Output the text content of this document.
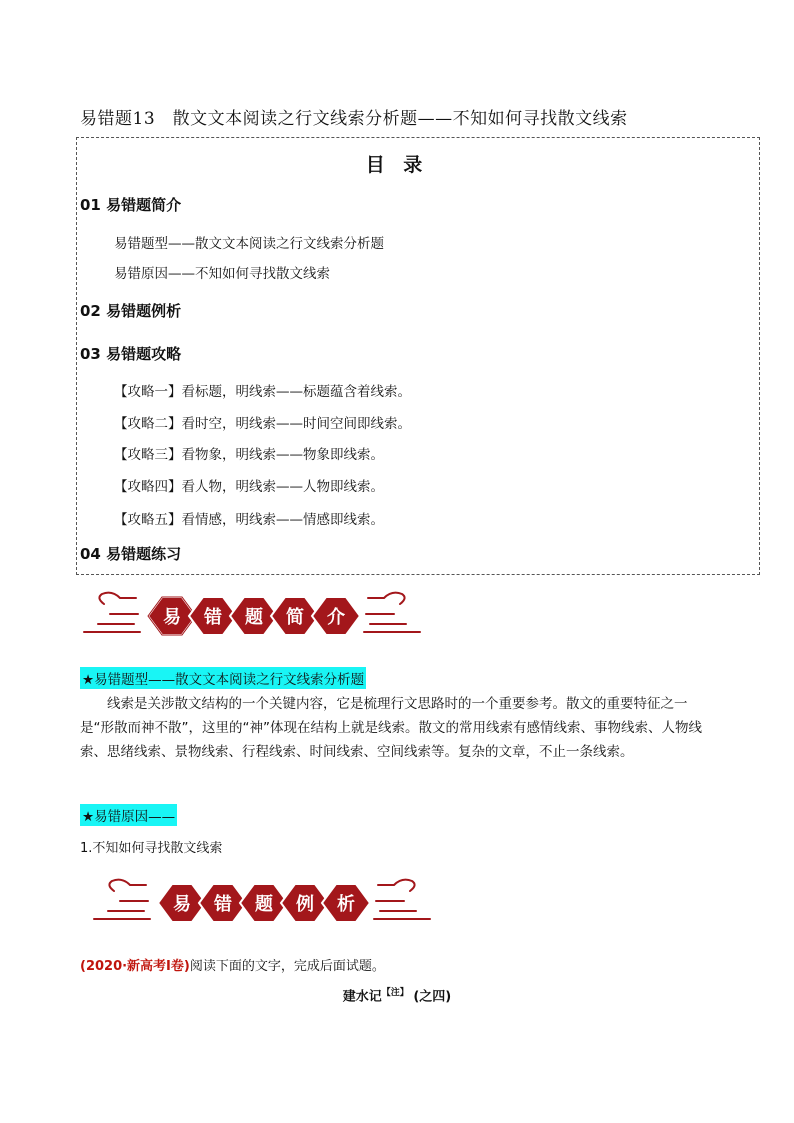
易错题13　散文文本阅读之行文线索分析题——不知如何寻找散文线索
目 录
01 易错题简介
易错题型——散文文本阅读之行文线索分析题
易错原因——不知如何寻找散文线索
02 易错题例析
03 易错题攻略
【攻略一】看标题，明线索——标题蕴含着线索。
【攻略二】看时空，明线索——时间空间即线索。
【攻略三】看物象，明线索——物象即线索。
【攻略四】看人物，明线索——人物即线索。
【攻略五】看情感，明线索——情感即线索。
04 易错题练习
易 错 题 简 介
★易错题型——散文文本阅读之行文线索分析题
线索是关涉散文结构的一个关键内容，它是梳理行文思路时的一个重要参考。散文的重要特征之一是“形散而神不散”，这里的“神”体现在结构上就是线索。散文的常用线索有感情线索、事物线索、人物线索、思绪线索、景物线索、行程线索、时间线索、空间线索等。复杂的文章，不止一条线索。
★易错原因——
1.不知如何寻找散文线索
易 错 题 例 析
(2020·新高考Ⅰ卷)阅读下面的文字，完成后面试题。
建水记$^{【注】}$ (之四)
